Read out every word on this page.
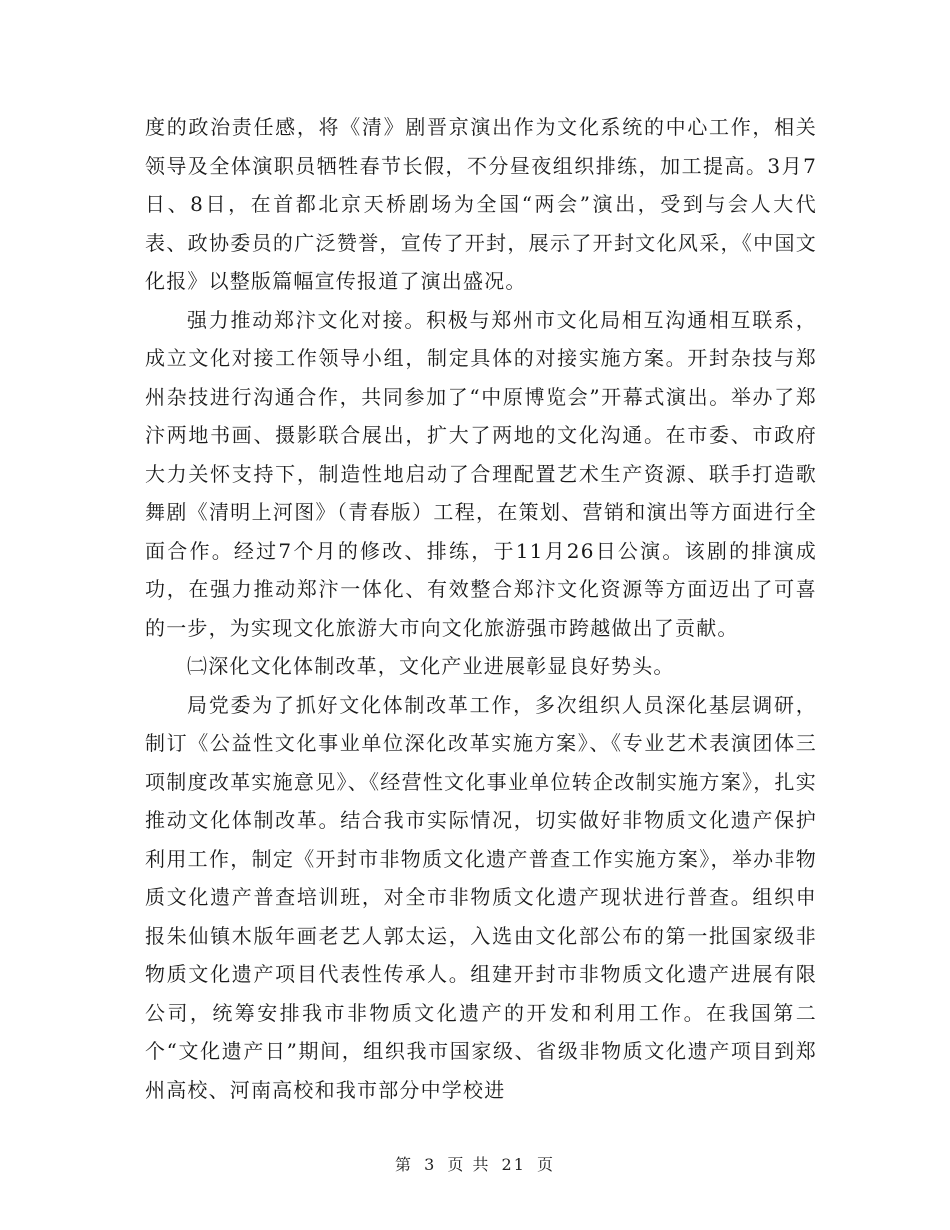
度的政治责任感，将《清》剧晋京演出作为文化系统的中心工作，相关领导及全体演职员牺牲春节长假，不分昼夜组织排练，加工提高。3月7日、8日，在首都北京天桥剧场为全国“两会”演出，受到与会人大代表、政协委员的广泛赞誉，宣传了开封，展示了开封文化风采，《中国文化报》以整版篇幅宣传报道了演出盛况。

强力推动郑汴文化对接。积极与郑州市文化局相互沟通相互联系，成立文化对接工作领导小组，制定具体的对接实施方案。开封杂技与郑州杂技进行沟通合作，共同参加了“中原博览会”开幕式演出。举办了郑汴两地书画、摄影联合展出，扩大了两地的文化沟通。在市委、市政府大力关怀支持下，制造性地启动了合理配置艺术生产资源、联手打造歌舞剧《清明上河图》（青春版）工程，在策划、营销和演出等方面进行全面合作。经过7个月的修改、排练，于11月26日公演。该剧的排演成功，在强力推动郑汴一体化、有效整合郑汴文化资源等方面迈出了可喜的一步，为实现文化旅游大市向文化旅游强市跨越做出了贡献。

㈡深化文化体制改革，文化产业进展彰显良好势头。

局党委为了抓好文化体制改革工作，多次组织人员深化基层调研，制订《公益性文化事业单位深化改革实施方案》、《专业艺术表演团体三项制度改革实施意见》、《经营性文化事业单位转企改制实施方案》，扎实推动文化体制改革。结合我市实际情况，切实做好非物质文化遗产保护利用工作，制定《开封市非物质文化遗产普查工作实施方案》，举办非物质文化遗产普查培训班，对全市非物质文化遗产现状进行普查。组织申报朱仙镇木版年画老艺人郭太运，入选由文化部公布的第一批国家级非物质文化遗产项目代表性传承人。组建开封市非物质文化遗产进展有限公司，统筹安排我市非物质文化遗产的开发和利用工作。在我国第二个“文化遗产日”期间，组织我市国家级、省级非物质文化遗产项目到郑州高校、河南高校和我市部分中学校进

第 3 页 共 21 页
